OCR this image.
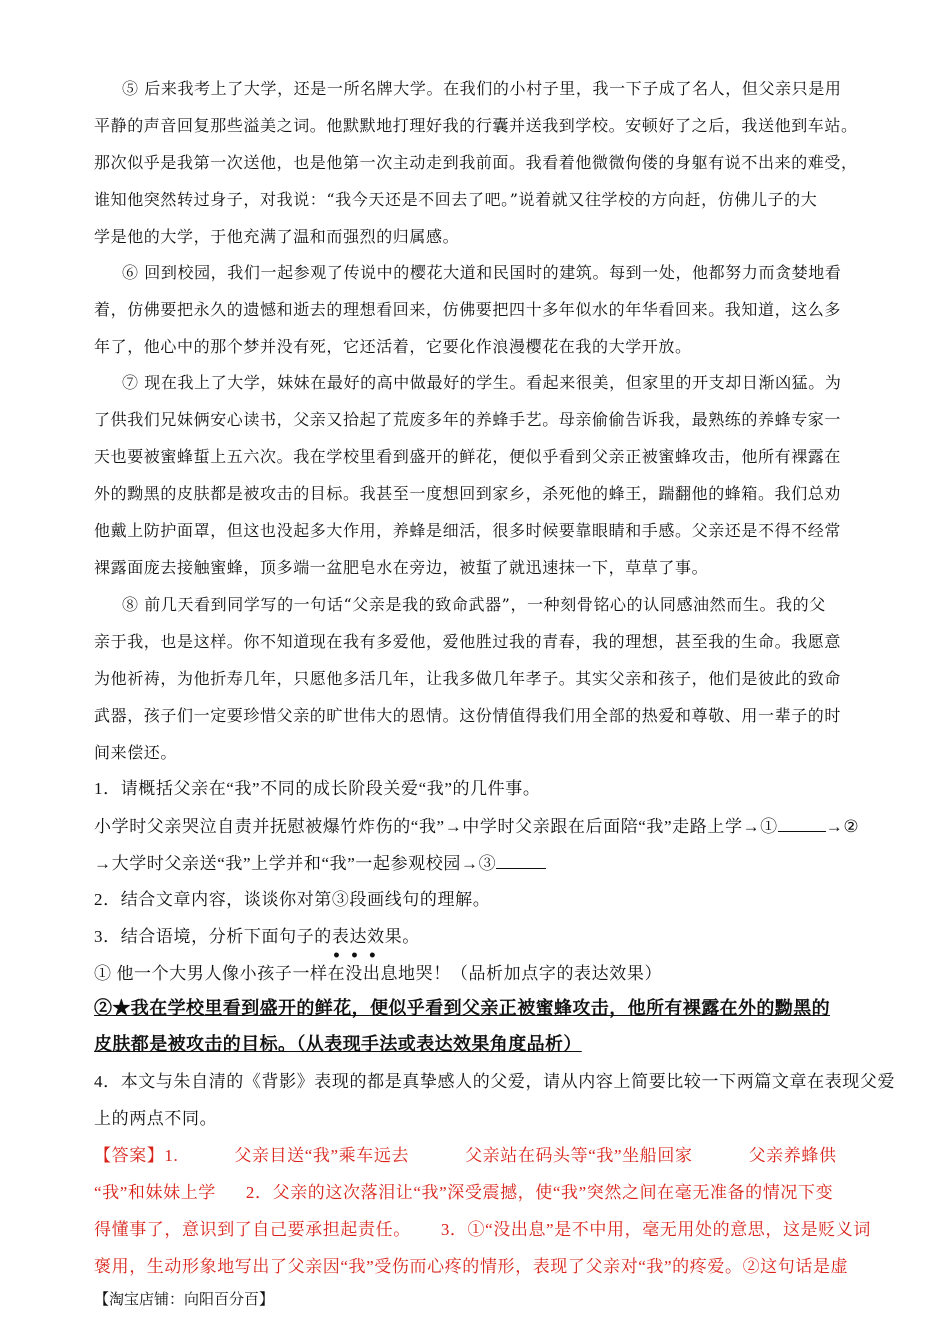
⑤ 后来我考上了大学，还是一所名牌大学。在我们的小村子里，我一下子成了名人，但父亲只是用
平静的声音回复那些溢美之词。他默默地打理好我的行囊并送我到学校。安顿好了之后，我送他到车站。
那次似乎是我第一次送他，也是他第一次主动走到我前面。我看着他微微佝偻的身躯有说不出来的难受，
谁知他突然转过身子，对我说：“我今天还是不回去了吧。”说着就又往学校的方向赶，仿佛儿子的大
学是他的大学，于他充满了温和而强烈的归属感。
⑥ 回到校园，我们一起参观了传说中的樱花大道和民国时的建筑。每到一处，他都努力而贪婪地看
着，仿佛要把永久的遗憾和逝去的理想看回来，仿佛要把四十多年似水的年华看回来。我知道，这么多
年了，他心中的那个梦并没有死，它还活着，它要化作浪漫樱花在我的大学开放。
⑦ 现在我上了大学，妹妹在最好的高中做最好的学生。看起来很美，但家里的开支却日渐凶猛。为
了供我们兄妹俩安心读书，父亲又拾起了荒废多年的养蜂手艺。母亲偷偷告诉我，最熟练的养蜂专家一
天也要被蜜蜂蜇上五六次。我在学校里看到盛开的鲜花，便似乎看到父亲正被蜜蜂攻击，他所有裸露在
外的黝黑的皮肤都是被攻击的目标。我甚至一度想回到家乡，杀死他的蜂王，踹翻他的蜂箱。我们总劝
他戴上防护面罩，但这也没起多大作用，养蜂是细活，很多时候要靠眼睛和手感。父亲还是不得不经常
裸露面庞去接触蜜蜂，顶多端一盆肥皂水在旁边，被蜇了就迅速抹一下，草草了事。
⑧ 前几天看到同学写的一句话“父亲是我的致命武器”，一种刻骨铭心的认同感油然而生。我的父
亲于我，也是这样。你不知道现在我有多爱他，爱他胜过我的青春，我的理想，甚至我的生命。我愿意
为他祈祷，为他折寿几年，只愿他多活几年，让我多做几年孝子。其实父亲和孩子，他们是彼此的致命
武器，孩子们一定要珍惜父亲的旷世伟大的恩情。这份情值得我们用全部的热爱和尊敬、用一辈子的时
间来偿还。
1．请概括父亲在“我”不同的成长阶段关爱“我”的几件事。
小学时父亲哭泣自责并抚慰被爆竹炸伤的“我”→中学时父亲跟在后面陪“我”走路上学→①	→②
→大学时父亲送“我”上学并和“我”一起参观校园→③
2．结合文章内容，谈谈你对第③段画线句的理解。
3．结合语境，分析下面句子的表达效果。
•••
① 他一个大男人像小孩子一样在没出息地哭！（品析加点字的表达效果）
②★我在学校里看到盛开的鲜花，便似乎看到父亲正被蜜蜂攻击，他所有裸露在外的黝黑的
皮肤都是被攻击的目标。（从表现手法或表达效果角度品析）
4．本文与朱自清的《背影》表现的都是真挚感人的父爱，请从内容上简要比较一下两篇文章在表现父爱
上的两点不同。
【答案】1.	父亲目送“我”乘车远去	父亲站在码头等“我”坐船回家	父亲养蜂供
“我”和妹妹上学 2．父亲的这次落泪让“我”深受震撼，使“我”突然之间在毫无准备的情况下变
得懂事了，意识到了自己要承担起责任。 3．①“没出息”是不中用，毫无用处的意思，这是贬义词
褒用，生动形象地写出了父亲因“我”受伤而心疼的情形，表现了父亲对“我”的疼爱。②这句话是虚
【淘宝店铺：向阳百分百】
